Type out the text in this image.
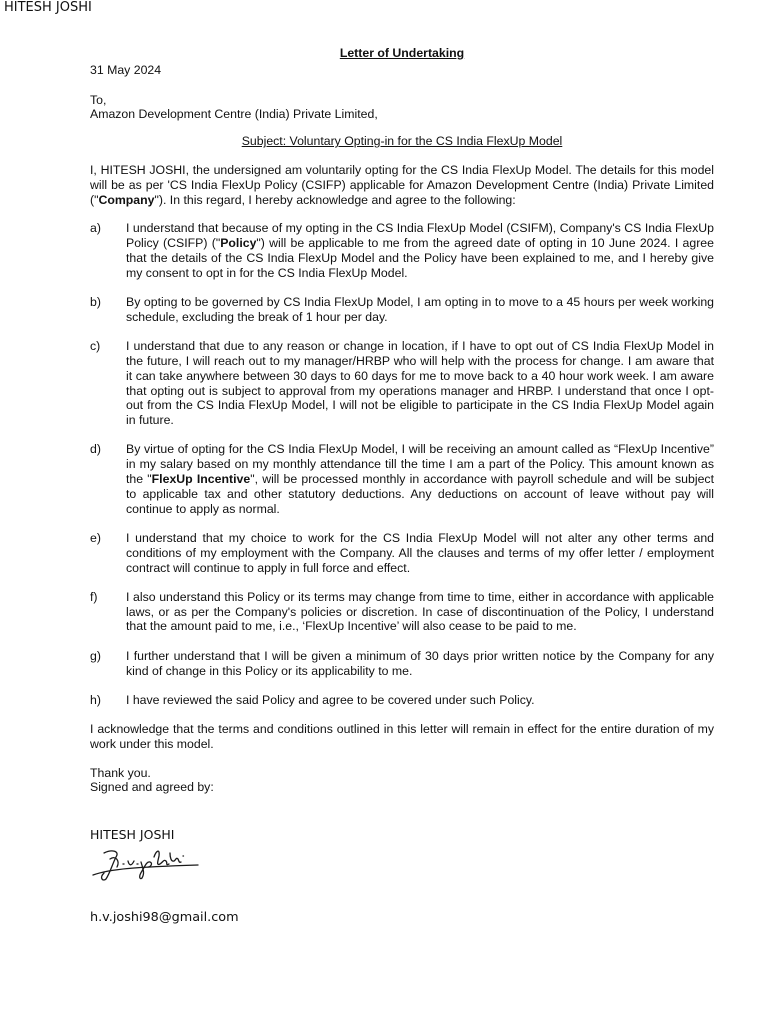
HITESH JOSHI
Letter of Undertaking
31 May 2024
To,
Amazon Development Centre (India) Private Limited,
Subject: Voluntary Opting-in for the CS India FlexUp Model

I, HITESH JOSHI, the undersigned am voluntarily opting for the CS India FlexUp Model. The details for this model will be as per 'CS India FlexUp Policy (CSIFP) applicable for Amazon Development Centre (India) Private Limited ("Company"). In this regard, I hereby acknowledge and agree to the following:

a)	I understand that because of my opting in the CS India FlexUp Model (CSIFM), Company's CS India FlexUp Policy (CSIFP) ("Policy") will be applicable to me from the agreed date of opting in 10 June 2024. I agree that the details of the CS India FlexUp Model and the Policy have been explained to me, and I hereby give my consent to opt in for the CS India FlexUp Model.
b)	By opting to be governed by CS India FlexUp Model, I am opting in to move to a 45 hours per week working schedule, excluding the break of 1 hour per day.
c)	I understand that due to any reason or change in location, if I have to opt out of CS India FlexUp Model in the future, I will reach out to my manager/HRBP who will help with the process for change. I am aware that it can take anywhere between 30 days to 60 days for me to move back to a 40 hour work week. I am aware that opting out is subject to approval from my operations manager and HRBP. I understand that once I opt-out from the CS India FlexUp Model, I will not be eligible to participate in the CS India FlexUp Model again in future.
d)	By virtue of opting for the CS India FlexUp Model, I will be receiving an amount called as “FlexUp Incentive” in my salary based on my monthly attendance till the time I am a part of the Policy. This amount known as the "FlexUp Incentive", will be processed monthly in accordance with payroll schedule and will be subject to applicable tax and other statutory deductions. Any deductions on account of leave without pay will continue to apply as normal.
e)	I understand that my choice to work for the CS India FlexUp Model will not alter any other terms and conditions of my employment with the Company. All the clauses and terms of my offer letter / employment contract will continue to apply in full force and effect.
f)	I also understand this Policy or its terms may change from time to time, either in accordance with applicable laws, or as per the Company's policies or discretion. In case of discontinuation of the Policy, I understand that the amount paid to me, i.e., ‘FlexUp Incentive’ will also cease to be paid to me.
g)	I further understand that I will be given a minimum of 30 days prior written notice by the Company for any kind of change in this Policy or its applicability to me.
h)	I have reviewed the said Policy and agree to be covered under such Policy.

I acknowledge that the terms and conditions outlined in this letter will remain in effect for the entire duration of my work under this model.

Thank you.
Signed and agreed by:
HITESH JOSHI
h.v.joshi98@gmail.com
